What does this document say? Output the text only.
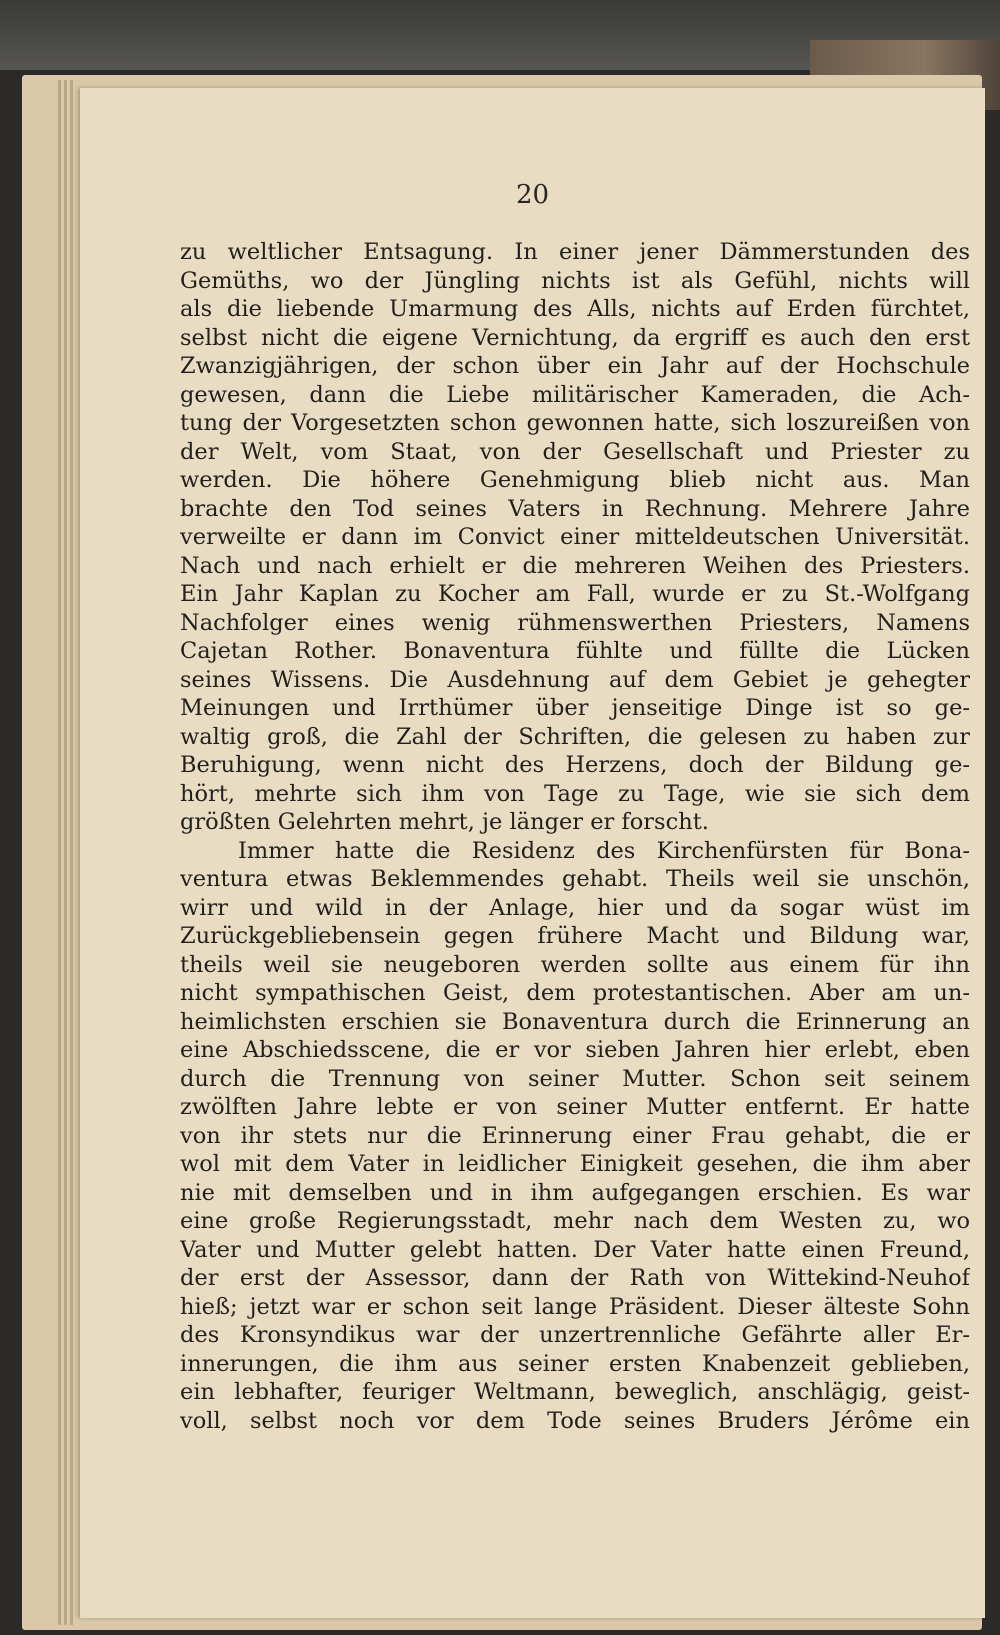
20
zu weltlicher Entsagung. In einer jener Dämmerstunden des
Gemüths, wo der Jüngling nichts ist als Gefühl, nichts will
als die liebende Umarmung des Alls, nichts auf Erden fürchtet,
selbst nicht die eigene Vernichtung, da ergriff es auch den erst
Zwanzigjährigen, der schon über ein Jahr auf der Hochschule
gewesen, dann die Liebe militärischer Kameraden, die Ach-
tung der Vorgesetzten schon gewonnen hatte, sich loszureißen von
der Welt, vom Staat, von der Gesellschaft und Priester zu
werden. Die höhere Genehmigung blieb nicht aus. Man
brachte den Tod seines Vaters in Rechnung. Mehrere Jahre
verweilte er dann im Convict einer mitteldeutschen Universität.
Nach und nach erhielt er die mehreren Weihen des Priesters.
Ein Jahr Kaplan zu Kocher am Fall, wurde er zu St.-Wolfgang
Nachfolger eines wenig rühmenswerthen Priesters, Namens
Cajetan Rother. Bonaventura fühlte und füllte die Lücken
seines Wissens. Die Ausdehnung auf dem Gebiet je gehegter
Meinungen und Irrthümer über jenseitige Dinge ist so ge-
waltig groß, die Zahl der Schriften, die gelesen zu haben zur
Beruhigung, wenn nicht des Herzens, doch der Bildung ge-
hört, mehrte sich ihm von Tage zu Tage, wie sie sich dem
größten Gelehrten mehrt, je länger er forscht.
Immer hatte die Residenz des Kirchenfürsten für Bona-
ventura etwas Beklemmendes gehabt. Theils weil sie unschön,
wirr und wild in der Anlage, hier und da sogar wüst im
Zurückgebliebensein gegen frühere Macht und Bildung war,
theils weil sie neugeboren werden sollte aus einem für ihn
nicht sympathischen Geist, dem protestantischen. Aber am un-
heimlichsten erschien sie Bonaventura durch die Erinnerung an
eine Abschiedsscene, die er vor sieben Jahren hier erlebt, eben
durch die Trennung von seiner Mutter. Schon seit seinem
zwölften Jahre lebte er von seiner Mutter entfernt. Er hatte
von ihr stets nur die Erinnerung einer Frau gehabt, die er
wol mit dem Vater in leidlicher Einigkeit gesehen, die ihm aber
nie mit demselben und in ihm aufgegangen erschien. Es war
eine große Regierungsstadt, mehr nach dem Westen zu, wo
Vater und Mutter gelebt hatten. Der Vater hatte einen Freund,
der erst der Assessor, dann der Rath von Wittekind-Neuhof
hieß; jetzt war er schon seit lange Präsident. Dieser älteste Sohn
des Kronsyndikus war der unzertrennliche Gefährte aller Er-
innerungen, die ihm aus seiner ersten Knabenzeit geblieben,
ein lebhafter, feuriger Weltmann, beweglich, anschlägig, geist-
voll, selbst noch vor dem Tode seines Bruders Jérôme ein
